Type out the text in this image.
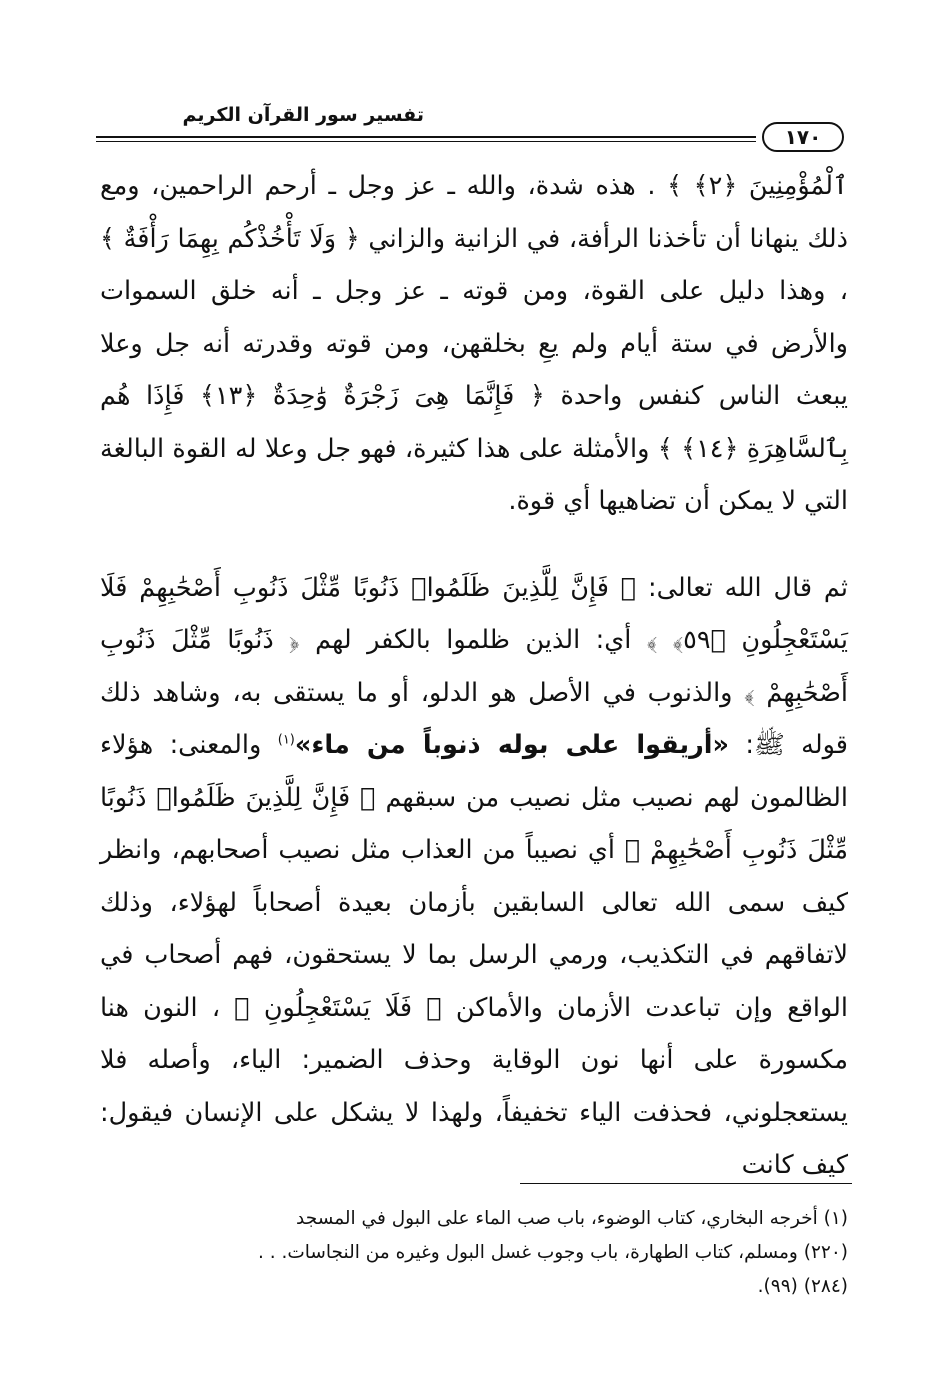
تفسير سور القرآن الكريم
١٧٠

ٱلْمُؤْمِنِينَ ﴿٢﴾ ﴾ . هذه شدة، والله ـ عز وجل ـ أرحم الراحمين، ومع ذلك ينهانا أن تأخذنا الرأفة، في الزانية والزاني ﴿ وَلَا تَأْخُذْكُم بِهِمَا رَأْفَةٌ ﴾ ، وهذا دليل على القوة، ومن قوته ـ عز وجل ـ أنه خلق السموات والأرض في ستة أيام ولم يعِ بخلقهن، ومن قوته وقدرته أنه جل وعلا يبعث الناس كنفس واحدة ﴿ فَإِنَّمَا هِىَ زَجْرَةٌ وَٰحِدَةٌ ﴿١٣﴾ فَإِذَا هُم بِٱلسَّاهِرَةِ ﴿١٤﴾ ﴾ والأمثلة على هذا كثيرة، فهو جل وعلا له القوة البالغة التي لا يمكن أن تضاهيها أي قوة.

ثم قال الله تعالى: ﴿ فَإِنَّ لِلَّذِينَ ظَلَمُوا۟ ذَنُوبًا مِّثْلَ ذَنُوبِ أَصْحَٰبِهِمْ فَلَا يَسْتَعْجِلُونِ ﴿٥٩﴾ ﴾ أي: الذين ظلموا بالكفر لهم ﴿ ذَنُوبًا مِّثْلَ ذَنُوبِ أَصْحَٰبِهِمْ ﴾ والذنوب في الأصل هو الدلو، أو ما يستقى به، وشاهد ذلك قوله ﷺ: «أريقوا على بوله ذنوباً من ماء»$^{(١)}$ والمعنى: هؤلاء الظالمون لهم نصيب مثل نصيب من سبقهم ﴿ فَإِنَّ لِلَّذِينَ ظَلَمُوا۟ ذَنُوبًا مِّثْلَ ذَنُوبِ أَصْحَٰبِهِمْ ﴾ أي نصيباً من العذاب مثل نصيب أصحابهم، وانظر كيف سمى الله تعالى السابقين بأزمان بعيدة أصحاباً لهؤلاء، وذلك لاتفاقهم في التكذيب، ورمي الرسل بما لا يستحقون، فهم أصحاب في الواقع وإن تباعدت الأزمان والأماكن ﴿ فَلَا يَسْتَعْجِلُونِ ﴾ ، النون هنا مكسورة على أنها نون الوقاية وحذف الضمير: الياء، وأصله فلا يستعجلوني، فحذفت الياء تخفيفاً، ولهذا لا يشكل على الإنسان فيقول: كيف كانت

(١) أخرجه البخاري، كتاب الوضوء، باب صب الماء على البول في المسجد

(٢٢٠) ومسلم، كتاب الطهارة، باب وجوب غسل البول وغيره من النجاسات. . .

(٢٨٤) (٩٩).
